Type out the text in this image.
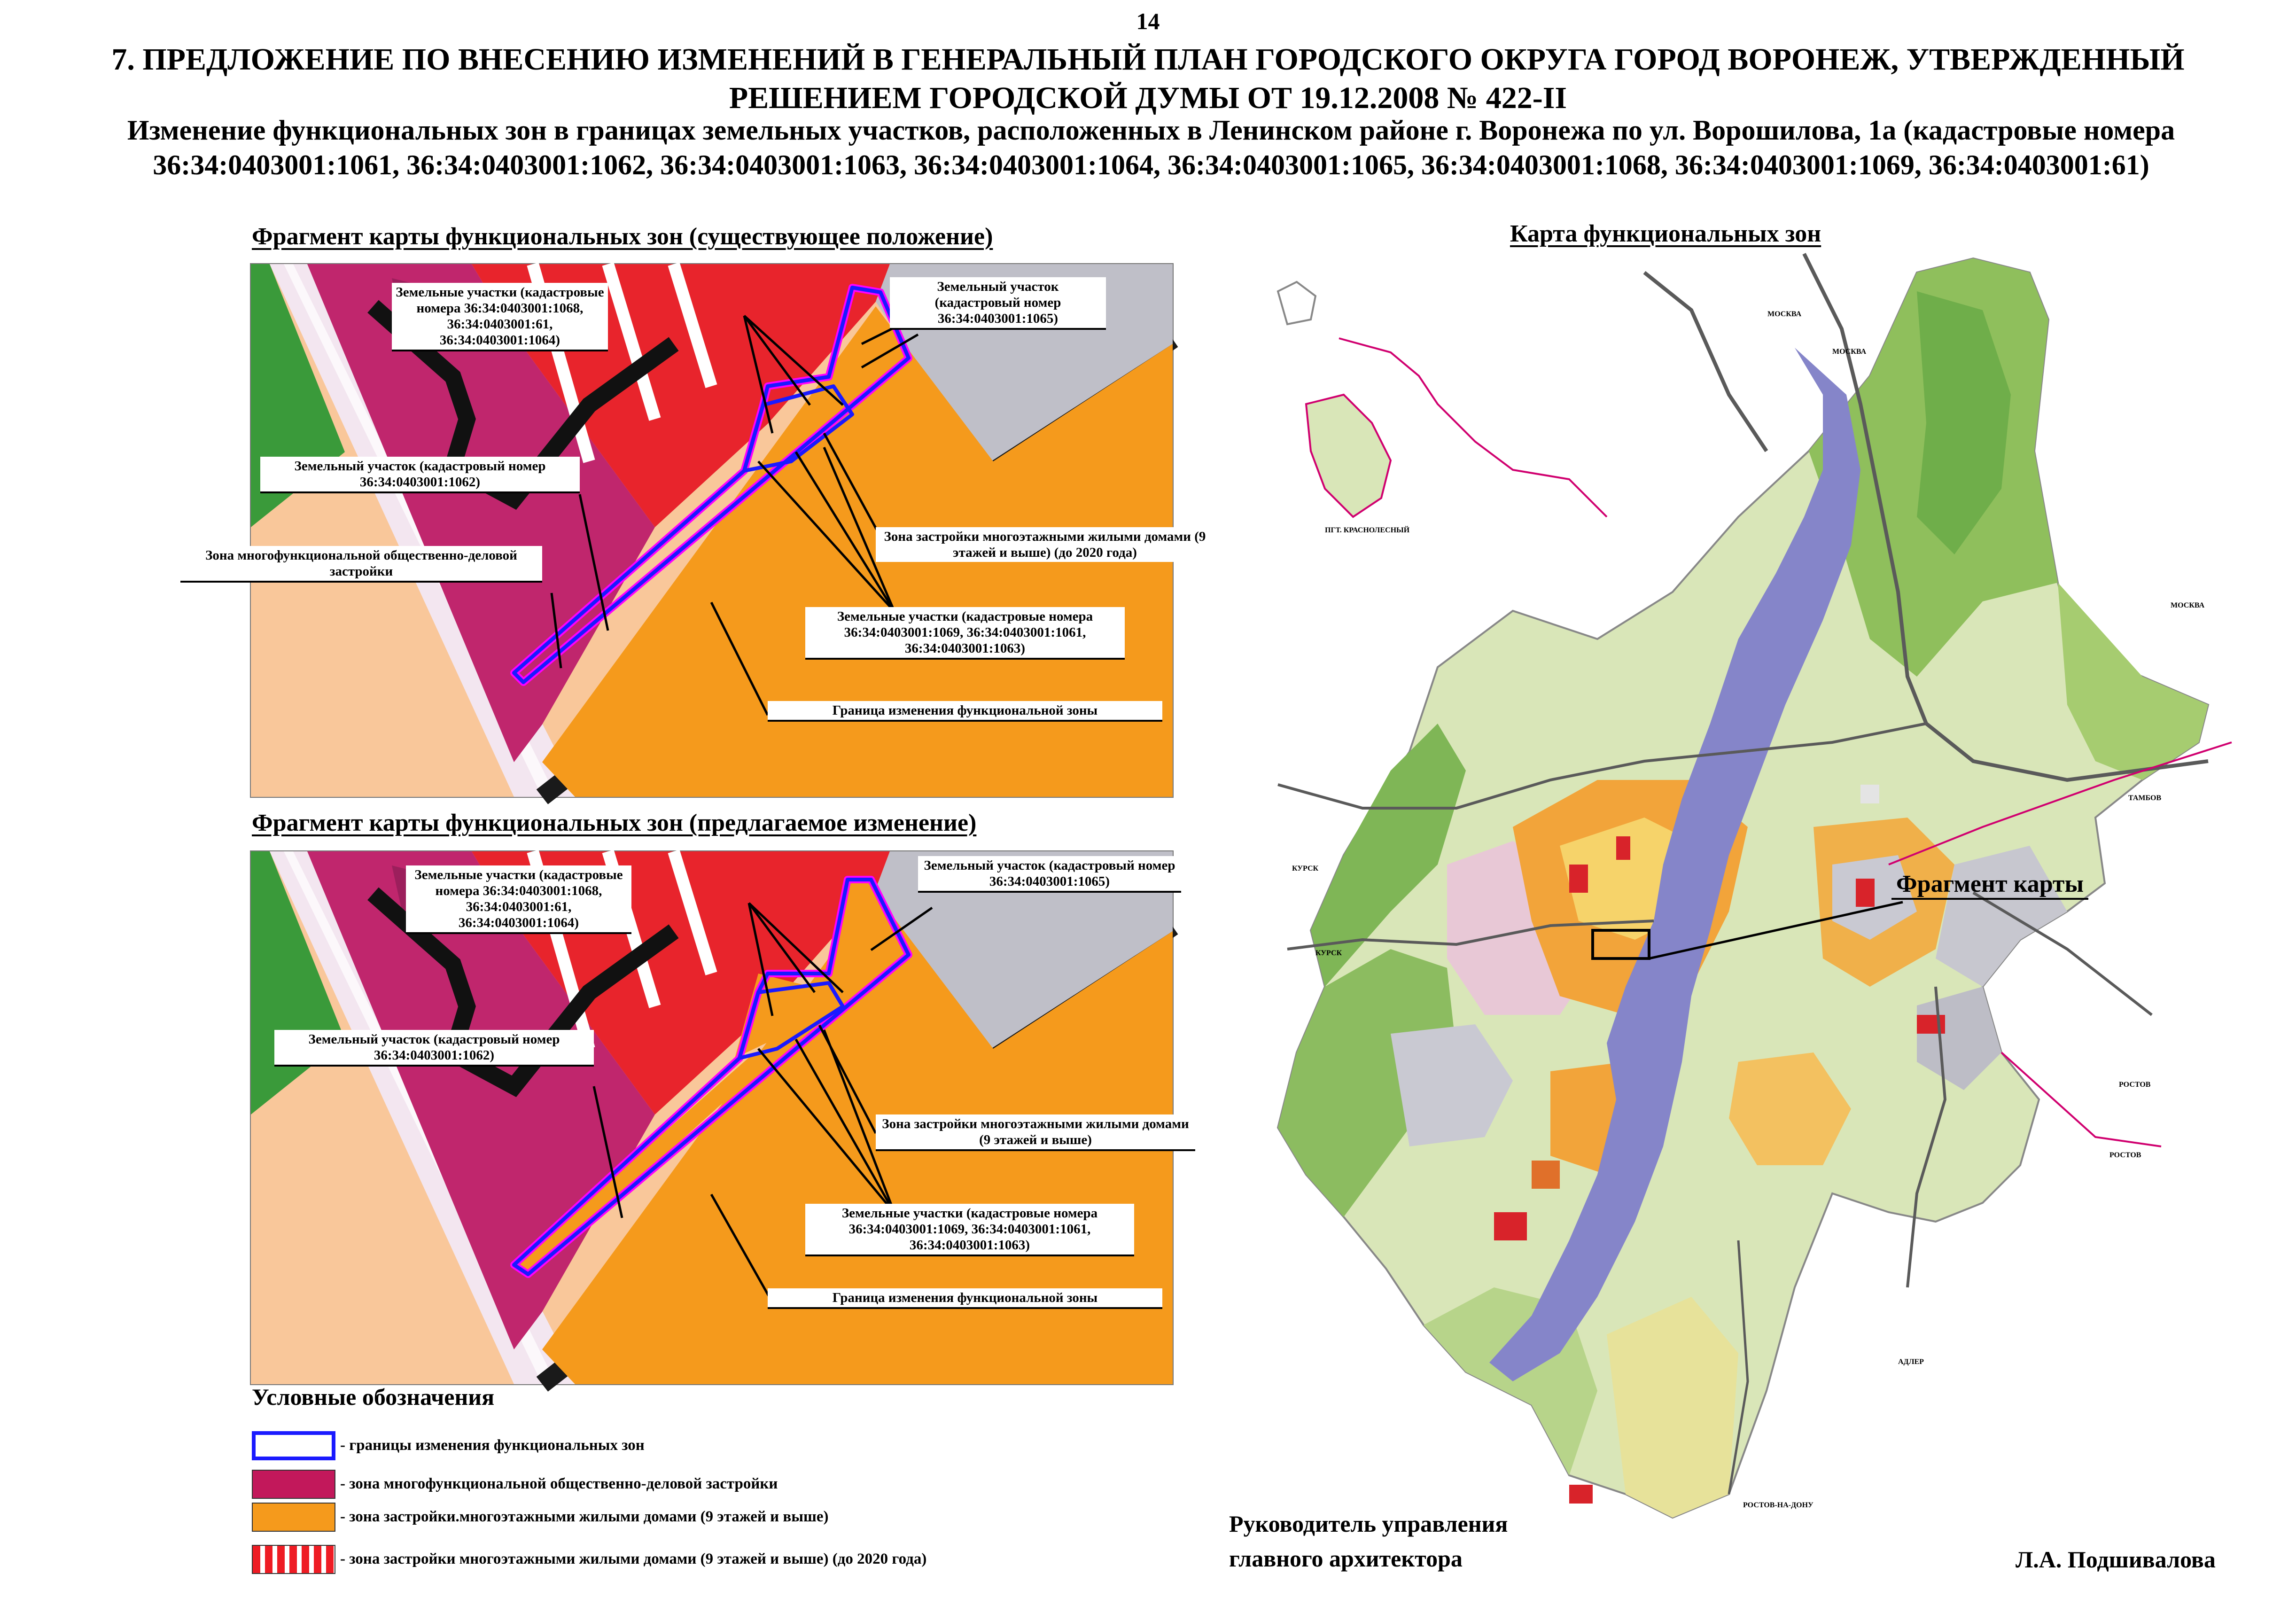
14
7. ПРЕДЛОЖЕНИЕ ПО ВНЕСЕНИЮ ИЗМЕНЕНИЙ В ГЕНЕРАЛЬНЫЙ ПЛАН ГОРОДСКОГО ОКРУГА ГОРОД ВОРОНЕЖ, УТВЕРЖДЕННЫЙ
РЕШЕНИЕМ ГОРОДСКОЙ ДУМЫ ОТ 19.12.2008 № 422-II
Изменение функциональных зон в границах земельных участков, расположенных в Ленинском районе г. Воронежа по ул. Ворошилова, 1а (кадастровые номера 36:34:0403001:1061, 36:34:0403001:1062, 36:34:0403001:1063, 36:34:0403001:1064, 36:34:0403001:1065, 36:34:0403001:1068, 36:34:0403001:1069, 36:34:0403001:61)
Фрагмент карты функциональных зон (существующее положение)
Земельные участки (кадастровые номера 36:34:0403001:1068, 36:34:0403001:61, 36:34:0403001:1064)
Земельный участок (кадастровый номер 36:34:0403001:1065)
Земельный участок (кадастровый номер 36:34:0403001:1062)
Зона многофункциональной общественно-деловой застройки
Зона застройки многоэтажными жилыми домами (9 этажей и выше) (до 2020 года)
Земельные участки (кадастровые номера 36:34:0403001:1069, 36:34:0403001:1061, 36:34:0403001:1063)
Граница изменения функциональной зоны
Фрагмент карты функциональных зон (предлагаемое изменение)
Земельные участки (кадастровые номера 36:34:0403001:1068, 36:34:0403001:61, 36:34:0403001:1064)
Земельный участок (кадастровый номер 36:34:0403001:1065)
Земельный участок (кадастровый номер 36:34:0403001:1062)
Зона застройки многоэтажными жилыми домами (9 этажей и выше)
Земельные участки (кадастровые номера 36:34:0403001:1069, 36:34:0403001:1061, 36:34:0403001:1063)
Граница изменения функциональной зоны
Условные обозначения
- границы изменения функциональных зон
- зона многофункциональной общественно-деловой застройки
- зона застройки.многоэтажными жилыми домами (9 этажей и выше)
- зона застройки многоэтажными жилыми домами (9 этажей и выше) (до 2020 года)
Руководитель управления
главного архитектора	Л.А. Подшивалова
Карта функциональных зон
МОСКВА
МОСКВА
МОСКВА
ТАМБОВ
КУРСК
КУРСК
РОСТОВ
РОСТОВ
АДЛЕР
РОСТОВ-НА-ДОНУ
ПГТ. КРАСНОЛЕСНЫЙ
Фрагмент карты
